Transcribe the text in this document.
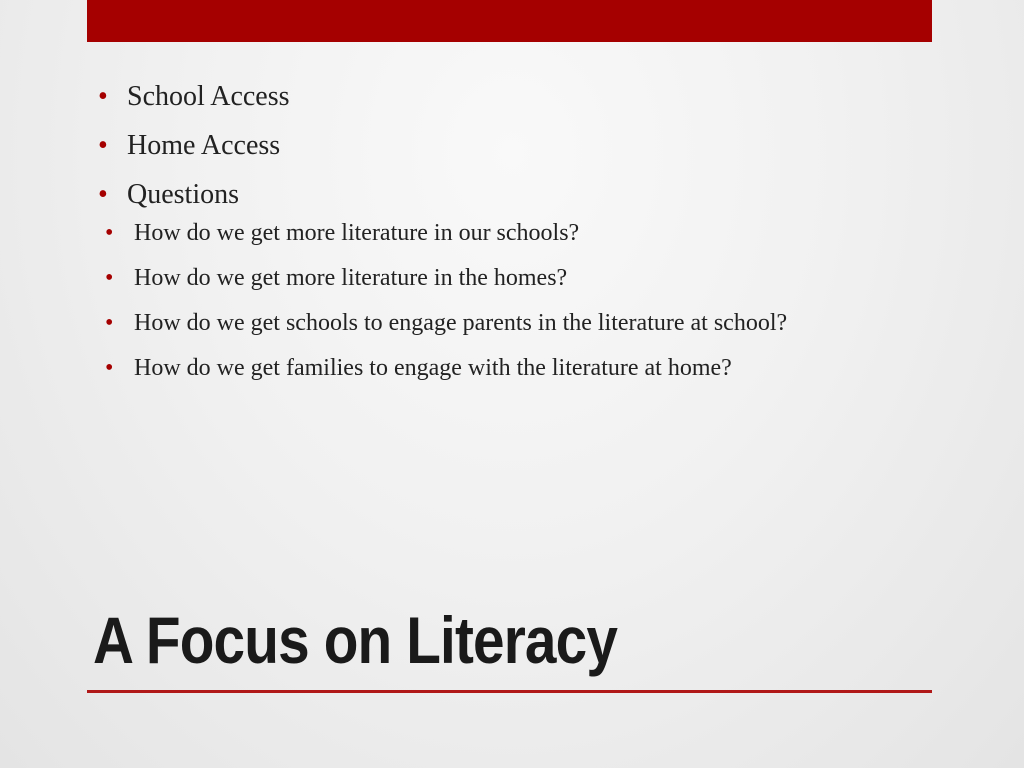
• School Access
• Home Access
• Questions
• How do we get more literature in our schools?
• How do we get more literature in the homes?
• How do we get schools to engage parents in the literature at school?
• How do we get families to engage with the literature at home?
A Focus on Literacy
